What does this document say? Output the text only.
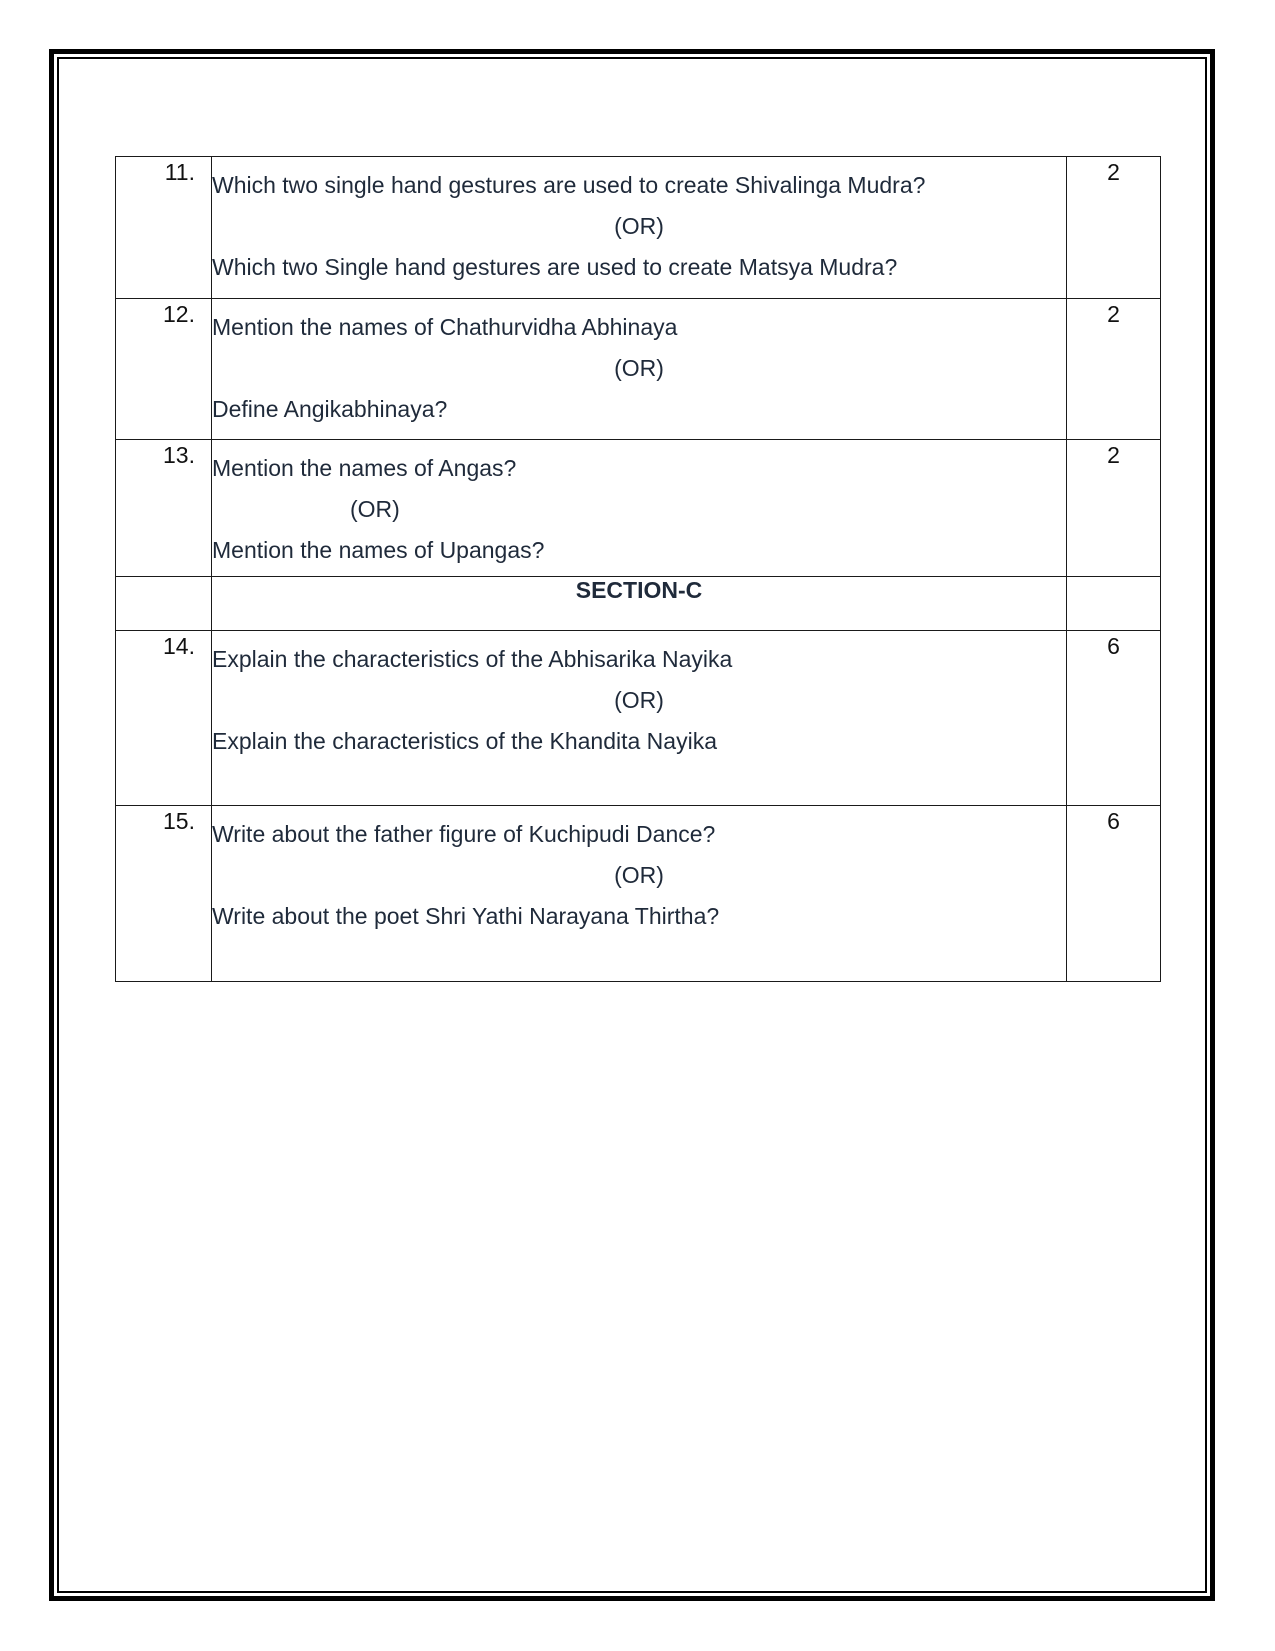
11.	Which two single hand gestures are used to create Shivalinga Mudra?
(OR)
Which two Single hand gestures are used to create Matsya Mudra?	2
12.	Mention the names of Chathurvidha Abhinaya
(OR)
Define Angikabhinaya?	2
13.	Mention the names of Angas?
(OR)
Mention the names of Upangas?	2
	SECTION-C	
14.	Explain the characteristics of the Abhisarika Nayika
(OR)
Explain the characteristics of the Khandita Nayika	6
15.	Write about the father figure of Kuchipudi Dance?
(OR)
Write about the poet Shri Yathi Narayana Thirtha?	6
